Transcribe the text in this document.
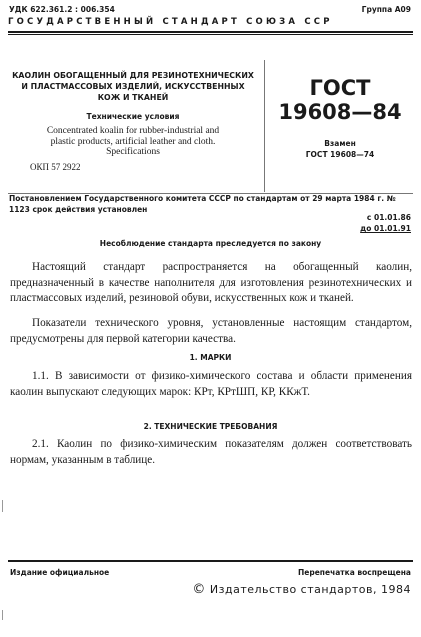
УДК 622.361.2 : 006.354	Группа А09
ГОСУДАРСТВЕННЫЙ СТАНДАРТ СОЮЗА ССР
КАОЛИН ОБОГАЩЕННЫЙ ДЛЯ РЕЗИНОТЕХНИЧЕСКИХ И ПЛАСТМАССОВЫХ ИЗДЕЛИЙ, ИСКУССТВЕННЫХ КОЖ И ТКАНЕЙ
Технические условия
Concentrated koalin for rubber-industrial and
plastic products, artificial leather and cloth.
Specifications
ОКП 57 2922
ГОСТ
19608—84
Взамен
ГОСТ 19608—74
Постановлением Государственного комитета СССР по стандартам от 29 марта 1984 г. № 1123 срок действия установлен
с 01.01.86
до 01.01.91
Несоблюдение стандарта преследуется по закону
Настоящий стандарт распространяется на обогащенный каолин, предназначенный в качестве наполнителя для изготовления резинотехнических и пластмассовых изделий, резиновой обуви, искусственных кож и тканей.
Показатели технического уровня, установленные настоящим стандартом, предусмотрены для первой категории качества.
1. МАРКИ
1.1. В зависимости от физико-химического состава и области применения каолин выпускают следующих марок: КРт, КРтШП, КР, ККжТ.
2. ТЕХНИЧЕСКИЕ ТРЕБОВАНИЯ
2.1. Каолин по физико-химическим показателям должен соответствовать нормам, указанным в таблице.
Издание официальное	Перепечатка воспрещена
© Издательство стандартов, 1984
